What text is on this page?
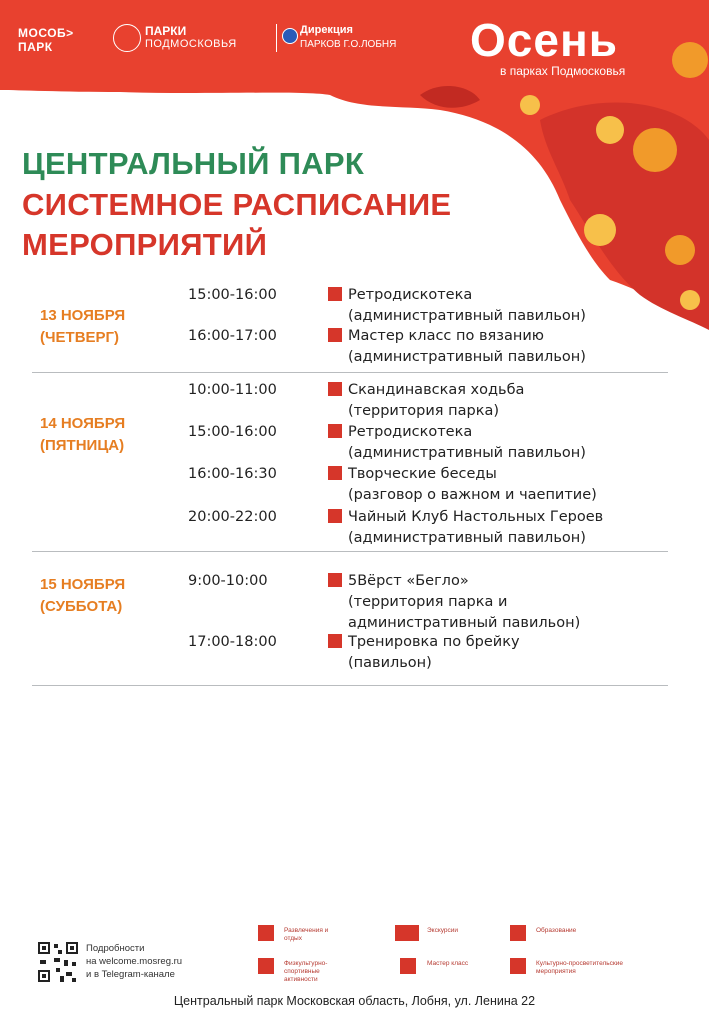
МОСОБ>
ПАРК
ПАРКИ
ПОДМОСКОВЬЯ
Дирекция
ПАРКОВ Г.О.ЛОБНЯ Осень
в парках Подмосковья
ЦЕНТРАЛЬНЫЙ ПАРК
СИСТЕМНОЕ РАСПИСАНИЕ
МЕРОПРИЯТИЙ
13 НОЯБРЯ
(ЧЕТВЕРГ)
15:00-16:00	Ретродискотека
(административный павильон)
16:00-17:00	Мастер класс по вязанию
(административный павильон)
14 НОЯБРЯ
(ПЯТНИЦА)
10:00-11:00	Скандинавская ходьба
(территория парка)
15:00-16:00	Ретродискотека
(административный павильон)
16:00-16:30	Творческие беседы
(разговор о важном и чаепитие)
20:00-22:00	Чайный Клуб Настольных Героев
(административный павильон)
15 НОЯБРЯ
(СУББОТА)
9:00-10:00	5Вёрст «Бегло»
(территория парка и
административный павильон)
17:00-18:00	Тренировка по брейку
(павильон)
Подробности
на welcome.mosreg.ru
и в Telegram-канале
Развлечения и отдых
Физкультурно-спортивные активности
Экскурсии
Мастер класс
Образование
Культурно-просветительские мероприятия
Центральный парк Московская область, Лобня, ул. Ленина 22
